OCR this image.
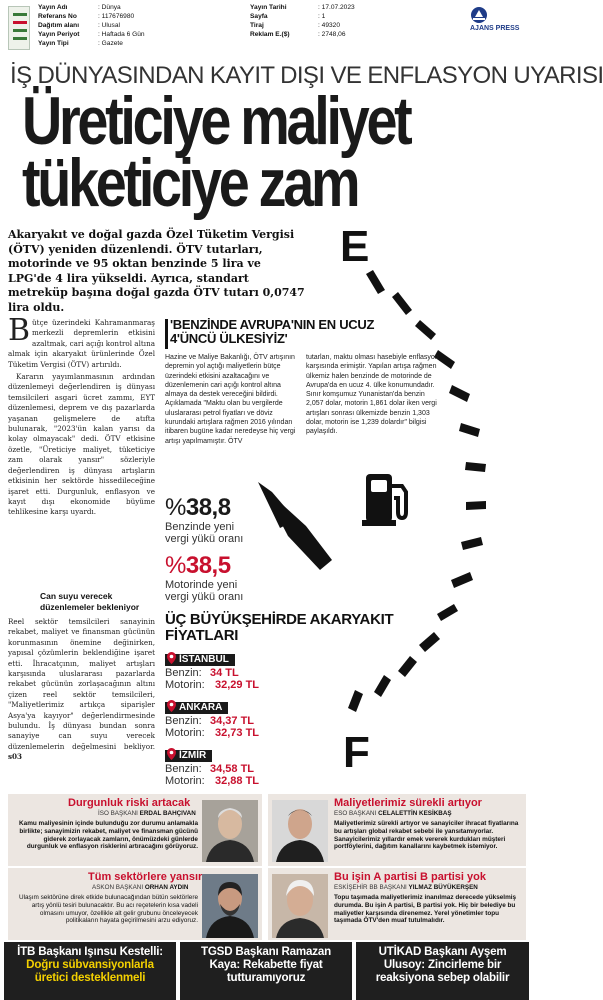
Yayın Adı	: Dünya
Referans No	: 117676980
Dağıtım alanı	: Ulusal
Yayın Periyot	: Haftada 6 Gün
Yayın Tipi	: Gazete
Yayın Tarihi	: 17.07.2023
Sayfa	: 1
Tiraj	: 49320
Reklam E.($)	: 2748,06
AJANS PRESS
İŞ DÜNYASINDAN KAYIT DIŞI VE ENFLASYON UYARISI
Üreticiye maliyet
tüketiciye zam
Akaryakıt ve doğal gazda Özel Tüketim Vergisi (ÖTV) yeniden düzenlendi. ÖTV tutarları, motorinde ve 95 oktan benzinde 5 lira ve LPG'de 4 lira yükseldi. Ayrıca, standart metreküp başına doğal gazda ÖTV tutarı 0,0747 lira oldu.
E
F
Bütçe üzerindeki Kahramanmaraş merkezli depremlerin etkisini azaltmak, cari açığı kontrol altına almak için akaryakıt ürünlerinde Özel Tüketim Vergisi (ÖTV) artırıldı.
Kararın yayımlanmasının ardından düzenlemeyi değerlendiren iş dünyası temsilcileri asgari ücret zammı, EYT düzenlemesi, deprem ve dış pazarlarda yaşanan gelişmelere de atıfta bulunarak, "2023'ün kalan yarısı da kolay olmayacak" dedi. ÖTV etkisine özetle, "Üreticiye maliyet, tüketiciye zam olarak yansır" sözleriyle değerlendiren iş dünyası artışların etkisinin her sektörde hissedileceğine işaret etti. Durgunluk, enflasyon ve kayıt dışı ekonomide büyüme tehlikesine karşı uyardı.
Can suyu verecek düzenlemeler bekleniyor
Reel sektör temsilcileri sanayinin rekabet, maliyet ve finansman gücünün korunmasının önemine değinirken, yapısal çözümlerin beklendiğine işaret etti. İhracatçının, maliyet artışları karşısında uluslararası pazarlarda rekabet gücünün zorlaşacağının altını çizen reel sektör temsilcileri, "Maliyetlerimiz artıkça siparişler Asya'ya kayıyor" değerlendirmesinde bulundu. İş dünyası bundan sonra sanayiye can suyu verecek düzenlemelerin değelmesini bekliyor. s03
'BENZİNDE AVRUPA'NIN EN UCUZ 4'ÜNCÜ ÜLKESİYİZ'
Hazine ve Maliye Bakanlığı, ÖTV artışının depremin yol açtığı maliyetlerin bütçe üzerindeki etkisini azaltacağını ve düzenlemenin cari açığı kontrol altına almaya da destek vereceğini bildirdi. Açıklamada "Maktu olan bu vergilerde uluslararası petrol fiyatları ve döviz kurundaki artışlara rağmen 2016 yılından itibaren bugüne kadar neredeyse hiç vergi artışı yapılmamıştır. ÖTV
tutarları, maktu olması hasebiyle enflasyon karşısında erimiştir. Yapılan artışa rağmen ülkemiz halen benzinde de motorinde de Avrupa'da en ucuz 4. ülke konumundadır. Sınır komşumuz Yunanistan'da benzin 2,057 dolar, motorin 1,861 dolar iken vergi artışları sonrası ülkemizde benzin 1,303 dolar, motorin ise 1,239 dolardır" bilgisi paylaşıldı.
%38,8
Benzinde yeni vergi yükü oranı
%38,5
Motorinde yeni vergi yükü oranı
ÜÇ BÜYÜKŞEHİRDE AKARYAKIT FİYATLARI
İSTANBUL
Benzin: 34 TL
Motorin: 32,29 TL
ANKARA
Benzin: 34,37 TL
Motorin: 32,73 TL
İZMİR
Benzin: 34,58 TL
Motorin: 32,88 TL
Durgunluk riski artacak
İSO BAŞKANI ERDAL BAHÇIVAN
Kamu maliyesinin içinde bulunduğu zor durumu anlamakla birlikte; sanayimizin rekabet, maliyet ve finansman gücünü giderek zorlayacak zamların, önümüzdeki günlerde durgunluk ve enflasyon risklerini artıracağını görüyoruz.
Maliyetlerimiz sürekli artıyor
ESO BAŞKANI CELALETTİN KESİKBAŞ
Maliyetlerimiz sürekli artıyor ve sanayiciler ihracat fiyatlarına bu artışları global rekabet sebebi ile yansıtamıyorlar. Sanayicilerimiz yıllardır emek vererek kurdukları müşteri portföylerini, dağıtım kanallarını kaybetmek istemiyor.
Tüm sektörlere yansır
ASKON BAŞKANI ORHAN AYDIN
Ulaşım sektörüne direk etkide bulunacağından bütün sektörlere artış yönlü tesiri bulunacaktır. Bu acı reçetelerin kısa vadeli olmasını umuyor, özellikle alt gelir grubunu önceleyecek politikaların hayata geçirilmesini arzu ediyoruz.
Bu işin A partisi B partisi yok
ESKİŞEHİR BB BAŞKANI YILMAZ BÜYÜKERŞEN
Topu taşımada maliyetlerimiz inanılmaz derecede yükselmiş durumda. Bu işin A partisi, B partisi yok. Hiç bir belediye bu maliyetler karşısında direnemez. Yerel yönetimler topu taşımada ÖTV'den muaf tutulmalıdır.
İTB Başkanı Işınsu Kestelli:
Doğru sübvansiyonlarla
üretici desteklenmeli
TGSD Başkanı Ramazan
Kaya: Rekabette fiyat
tutturamıyoruz
UTİKAD Başkanı Ayşem
Ulusoy: Zincirleme bir
reaksiyona sebep olabilir
